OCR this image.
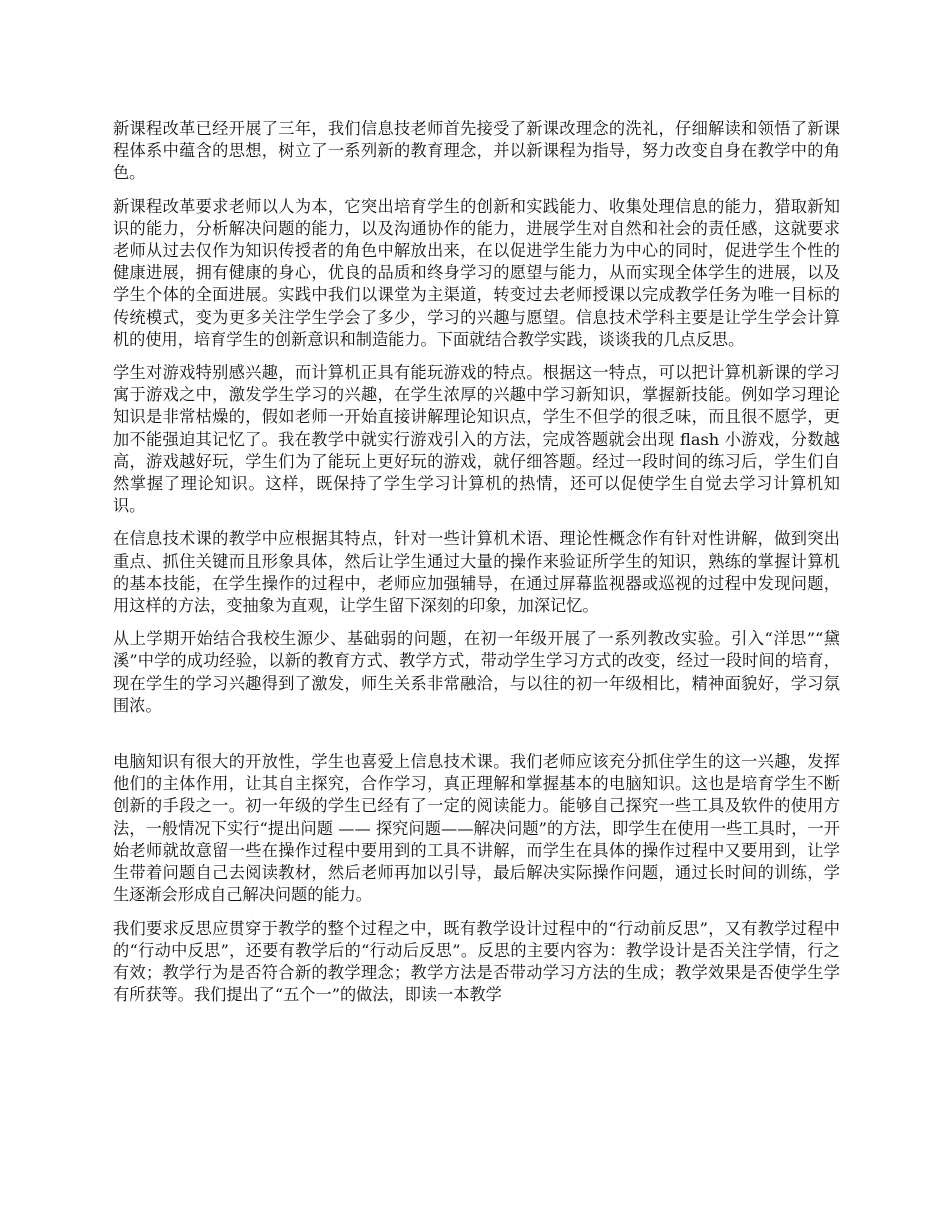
新课程改革已经开展了三年，我们信息技老师首先接受了新课改理念的洗礼，仔细解读和领悟了新课程体系中蕴含的思想，树立了一系列新的教育理念，并以新课程为指导，努力改变自身在教学中的角色。

新课程改革要求老师以人为本，它突出培育学生的创新和实践能力、收集处理信息的能力，猎取新知识的能力，分析解决问题的能力，以及沟通协作的能力，进展学生对自然和社会的责任感，这就要求老师从过去仅作为知识传授者的角色中解放出来，在以促进学生能力为中心的同时，促进学生个性的健康进展，拥有健康的身心，优良的品质和终身学习的愿望与能力，从而实现全体学生的进展，以及学生个体的全面进展。实践中我们以课堂为主渠道，转变过去老师授课以完成教学任务为唯一目标的传统模式，变为更多关注学生学会了多少，学习的兴趣与愿望。信息技术学科主要是让学生学会计算机的使用，培育学生的创新意识和制造能力。下面就结合教学实践，谈谈我的几点反思。

学生对游戏特别感兴趣，而计算机正具有能玩游戏的特点。根据这一特点，可以把计算机新课的学习寓于游戏之中，激发学生学习的兴趣，在学生浓厚的兴趣中学习新知识，掌握新技能。例如学习理论知识是非常枯燥的，假如老师一开始直接讲解理论知识点，学生不但学的很乏味，而且很不愿学，更加不能强迫其记忆了。我在教学中就实行游戏引入的方法，完成答题就会出现 flash 小游戏，分数越高，游戏越好玩，学生们为了能玩上更好玩的游戏，就仔细答题。经过一段时间的练习后，学生们自然掌握了理论知识。这样，既保持了学生学习计算机的热情，还可以促使学生自觉去学习计算机知识。

在信息技术课的教学中应根据其特点，针对一些计算机术语、理论性概念作有针对性讲解，做到突出重点、抓住关键而且形象具体，然后让学生通过大量的操作来验证所学生的知识，熟练的掌握计算机的基本技能，在学生操作的过程中，老师应加强辅导，在通过屏幕监视器或巡视的过程中发现问题，用这样的方法，变抽象为直观，让学生留下深刻的印象，加深记忆。

从上学期开始结合我校生源少、基础弱的问题，在初一年级开展了一系列教改实验。引入“洋思”“黛溪”中学的成功经验，以新的教育方式、教学方式，带动学生学习方式的改变，经过一段时间的培育，现在学生的学习兴趣得到了激发，师生关系非常融洽，与以往的初一年级相比，精神面貌好，学习氛围浓。

电脑知识有很大的开放性，学生也喜爱上信息技术课。我们老师应该充分抓住学生的这一兴趣，发挥他们的主体作用，让其自主探究，合作学习，真正理解和掌握基本的电脑知识。这也是培育学生不断创新的手段之一。初一年级的学生已经有了一定的阅读能力。能够自己探究一些工具及软件的使用方法，一般情况下实行“提出问题 —— 探究问题——解决问题”的方法，即学生在使用一些工具时，一开始老师就故意留一些在操作过程中要用到的工具不讲解，而学生在具体的操作过程中又要用到，让学生带着问题自己去阅读教材，然后老师再加以引导，最后解决实际操作问题，通过长时间的训练，学生逐渐会形成自己解决问题的能力。

我们要求反思应贯穿于教学的整个过程之中，既有教学设计过程中的“行动前反思”，又有教学过程中的“行动中反思”，还要有教学后的“行动后反思”。反思的主要内容为：教学设计是否关注学情，行之有效；教学行为是否符合新的教学理念；教学方法是否带动学习方法的生成；教学效果是否使学生学有所获等。我们提出了“五个一”的做法，即读一本教学
